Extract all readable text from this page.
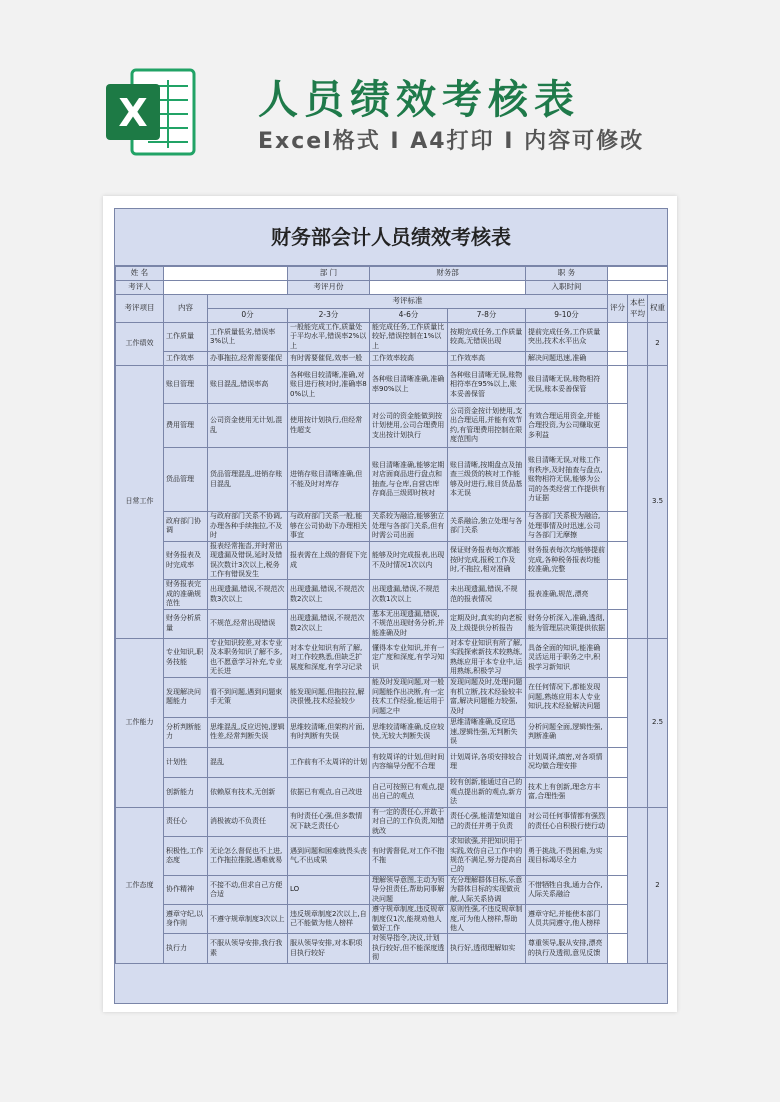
X	人员绩效考核表
Excel格式 I A4打印 I 内容可修改
财务部会计人员绩效考核表
姓 名			部 门	财务部		职 务			
考评人			考评月份			入职时间			
考评项目	内容	考评标准					评分	本栏平均	权重
		0分	2-3分	4-6分	7-8分	9-10分			
工作绩效	工作质量	工作质量低劣,错误率3%以上	一般能完成工作,质量处于平均水平,错误率2%以上	能完成任务,工作质量比较好,错误控制在1%以上	按期完成任务,工作质量较高,无错误出现	提前完成任务,工作质量突出,技术水平出众			2
	工作效率	办事拖拉,经常需要催促	有时需要催促,效率一般	工作效率较高	工作效率高	解决问题迅速,准确			
日常工作	账目管理	账目混乱,错误率高	各种账目较清晰,准确,对账目进行核对时,准确率80%以上	各种账目清晰准确,准确率90%以上	各种账目清晰无误,账物相符率在95%以上,账本妥善保管	账目清晰无误,账物相符无误,账本妥善保管			3.5
	费用管理	公司资金使用无计划,混乱	使用按计划执行,但经常性超支	对公司的资金能做到按计划使用,公司合理费用支出按计划执行	公司资金按计划使用,支出合理运用,并能有效节约,有管理费用控制在限度范围内	有效合理运用资金,并能合理投资,为公司赚取更多利益			
	货品管理	货品管理混乱,进销存账目混乱	进销存账目清晰准确,但不能及时对库存	账目清晰准确,能够定期对店面商品进行盘点和抽查,与仓库,自营店库存商品三级即时核对	账目清晰,按期盘点及抽查三级货的核对工作能够及时进行,账目货品基本无误	账目清晰无误,对账工作有秩序,及时抽查与盘点,账物相符无误,能够为公司的各类经营工作提供有力证据			
	政府部门协调	与政府部门关系不协调,办理各种手续拖拉,不及时	与政府部门关系一般,能够在公司协助下办理相关事宜	关系较为融洽,能够独立处理与各部门关系,但有时需公司出面	关系融洽,独立处理与各部门关系	与各部门关系极为融洽,处理事情及时迅速,公司与各部门无摩擦			
	财务报表及时完成率	报表经常拖沓,并时常出现遗漏及错误,延时及错误次数计3次以上,税务工作有错误发生	报表需在上级的督促下完成	能够及时完成报表,出现不及时情况1次以内	保证财务报表每次都能按时完成,报税工作及时,不拖拉,相对准确	财务报表每次均能够提前完成,各种税务报表均能较准确,完整			
	财务报表完成的准确规范性	出现遗漏,错误,不规范次数3次以上	出现遗漏,错误,不规范次数2次以上	出现遗漏,错误,不规范次数1次以上	未出现遗漏,错误,不规范的报表情况	报表准确,规范,漂亮			
	财务分析质量	不规范,经常出现错误	出现遗漏,错误,不规范次数2次以上	基本无出现遗漏,错误,不规范出现财务分析,并能准确及时	定期及时,真实的向老板及上级提供分析报告	财务分析深入,准确,透彻,能为管理层决策提供依据			
工作能力	专业知识,职务技能	专业知识较差,对本专业及本职务知识了解不多,也不愿意学习补充,专业无长进	对本专业知识有所了解,对工作较熟悉,但缺乏扩展度和深度,有学习记录	懂得本专业知识,并有一定广度和深度,有学习知识	对本专业知识有所了解,实践探索新技术较熟练,熟练应用于本专业中,运用熟练,积极学习	具备全面的知识,能准确灵活运用于职务之中,积极学习新知识			2.5
	发现解决问题能力	看不到问题,遇到问题束手无策	能发现问题,但拖拉拉,解决很慢,技术经验较少	能及时发现问题,对一般问题能作出决断,有一定技术工作经验,能运用于问题之中	发现问题及时,处理问题有机立断,技术经验较丰富,解决问题能力较强,及时	在任何情况下,都能发现问题,熟练应用本人专业知识,技术经验解决问题			
	分析判断能力	思维混乱,反应迟钝,逻辑性差,经常判断失误	思维较清晰,但架构片面,有时判断有失误	思维较清晰准确,反应较快,无较大判断失误	思维清晰准确,反应迅速,逻辑性强,无判断失误	分析问题全面,逻辑性强,判断准确			
	计划性	混乱	工作前有不太周详的计划	有较周详的计划,但时间内容编导分配不合理	计划周详,各项安排较合理	计划周详,缜密,对各项情况均做合理安排			
	创新能力	依赖原有技术,无创新	依据已有观点,自己改进	自己可按照已有观点,提出自己的观点	较有创新,能通过自己的观点提出新的观点,新方法	技术上有创新,理念方丰富,合理性强			
工作态度	责任心	消极被动不负责任	有时责任心强,但多数情况下缺乏责任心	有一定的责任心,并敢于对自己的工作负责,知错就改	责任心强,能清楚知道自己的责任并勇于负责	对公司任何事情都有强烈的责任心自积极行使行动			2
	积极性,工作态度	无论怎么督促也不上进,工作拖拉推脱,遇难就易	遇到问题和困难就畏头丧气,不出成果	有时需督促,对工作不抱不拖	求知欲强,并把知识用于实践,效仿自己工作中的规范不满足,努力提高自己的	勇于挑战,不畏困难,为实现目标竭尽全力			
	协作精神	不接不动,但求自己方便合适	LO	理解领导意图,主动为领导分担责任,帮助同事解决问题	充分理解群体目标,乐意为群体目标的实现做贡献,人际关系协调	不惜牺牲自我,通力合作,人际关系融洽			
	遵章守纪,以身作则	不遵守规章制度3次以上	违反规章制度2次以上,自己不能做为他人榜样	遵守规章制度,违反规章制度仅1次,能规劝他人做好工作	原则性强,不违反规章制度,可为他人榜样,帮助他人	遵章守纪,并能使本部门人员共同遵守,他人榜样			
	执行力	不服从领导安排,我行我素	服从领导安排,对本职项目执行较好	对领导指令,决议,计划执行较好,但不能深度透彻	执行好,透彻理解如实	尊重领导,服从安排,漂亮的执行及透彻,意见反馈			
